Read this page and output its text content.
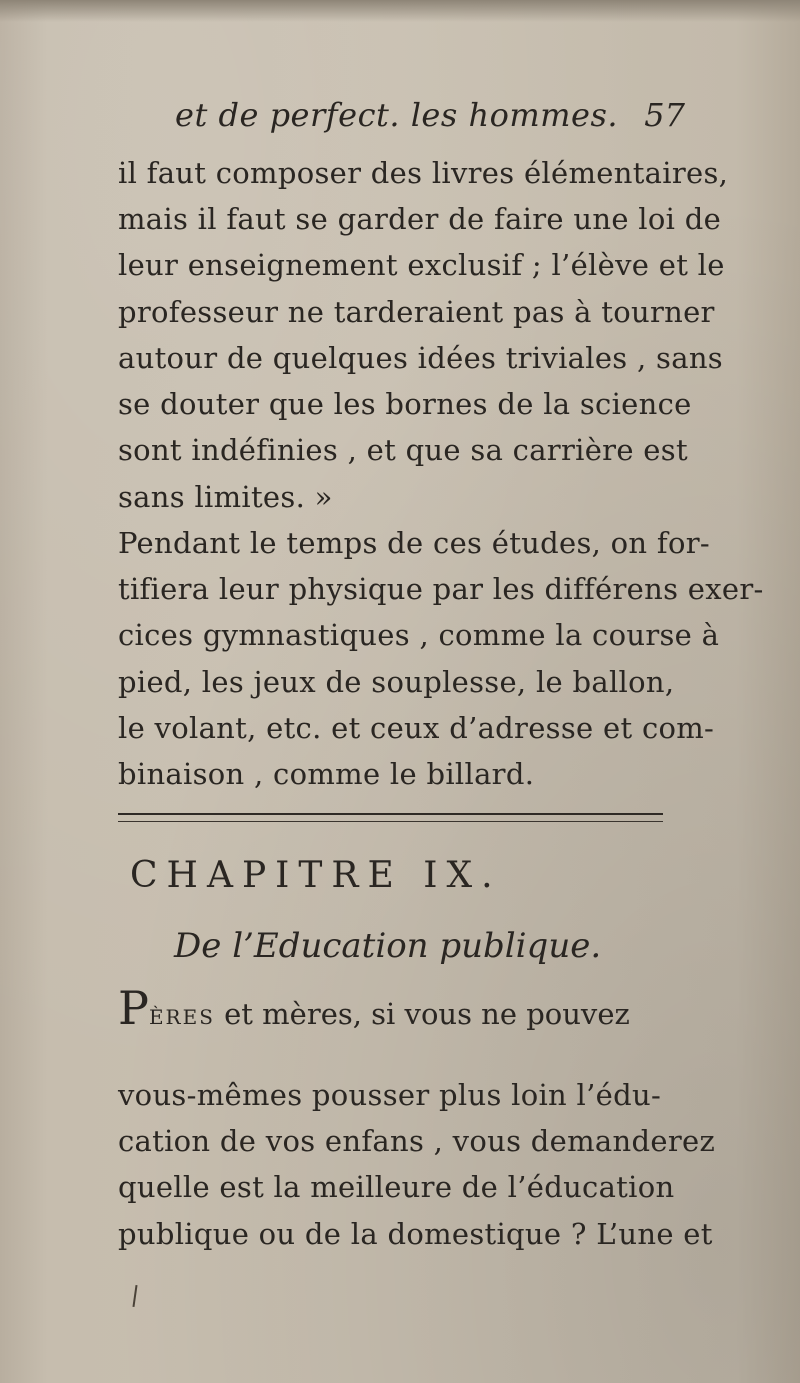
et de perfect. les hommes. 57
il faut composer des livres élémentaires,
mais il faut se garder de faire une loi de
leur enseignement exclusif ; l’élève et le
professeur ne tarderaient pas à tourner
autour de quelques idées triviales , sans
se douter que les bornes de la science
sont indéfinies , et que sa carrière est
sans limites. »
Pendant le temps de ces études, on for-
tifiera leur physique par les différens exer-
cices gymnastiques , comme la course à
pied, les jeux de souplesse, le ballon,
le volant, etc. et ceux d’adresse et com-
binaison , comme le billard.
CHAPITRE IX.
De l’Education publique.
Pères et mères, si vous ne pouvez
vous-mêmes pousser plus loin l’édu-
cation de vos enfans , vous demanderez
quelle est la meilleure de l’éducation
publique ou de la domestique ? L’une et
